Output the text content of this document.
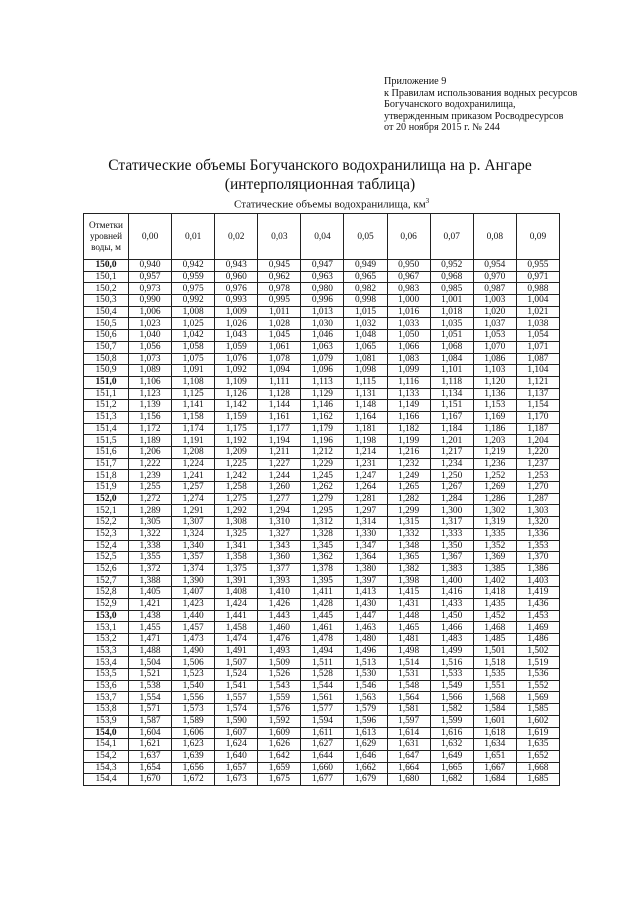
Приложение 9
к Правилам использования водных ресурсов
Богучанского водохранилища,
утвержденным приказом Росводресурсов
от 20 ноября 2015 г. № 244
Статические объемы Богучанского водохранилища на р. Ангаре
(интерполяционная таблица)
Статические объемы водохранилища, $км^3$
Отметки уровней воды, м	0,00	0,01	0,02	0,03	0,04	0,05	0,06	0,07	0,08	0,09
150,0	0,940	0,942	0,943	0,945	0,947	0,949	0,950	0,952	0,954	0,955
150,1	0,957	0,959	0,960	0,962	0,963	0,965	0,967	0,968	0,970	0,971
150,2	0,973	0,975	0,976	0,978	0,980	0,982	0,983	0,985	0,987	0,988
150,3	0,990	0,992	0,993	0,995	0,996	0,998	1,000	1,001	1,003	1,004
150,4	1,006	1,008	1,009	1,011	1,013	1,015	1,016	1,018	1,020	1,021
150,5	1,023	1,025	1,026	1,028	1,030	1,032	1,033	1,035	1,037	1,038
150,6	1,040	1,042	1,043	1,045	1,046	1,048	1,050	1,051	1,053	1,054
150,7	1,056	1,058	1,059	1,061	1,063	1,065	1,066	1,068	1,070	1,071
150,8	1,073	1,075	1,076	1,078	1,079	1,081	1,083	1,084	1,086	1,087
150,9	1,089	1,091	1,092	1,094	1,096	1,098	1,099	1,101	1,103	1,104
151,0	1,106	1,108	1,109	1,111	1,113	1,115	1,116	1,118	1,120	1,121
151,1	1,123	1,125	1,126	1,128	1,129	1,131	1,133	1,134	1,136	1,137
151,2	1,139	1,141	1,142	1,144	1,146	1,148	1,149	1,151	1,153	1,154
151,3	1,156	1,158	1,159	1,161	1,162	1,164	1,166	1,167	1,169	1,170
151,4	1,172	1,174	1,175	1,177	1,179	1,181	1,182	1,184	1,186	1,187
151,5	1,189	1,191	1,192	1,194	1,196	1,198	1,199	1,201	1,203	1,204
151,6	1,206	1,208	1,209	1,211	1,212	1,214	1,216	1,217	1,219	1,220
151,7	1,222	1,224	1,225	1,227	1,229	1,231	1,232	1,234	1,236	1,237
151,8	1,239	1,241	1,242	1,244	1,245	1,247	1,249	1,250	1,252	1,253
151,9	1,255	1,257	1,258	1,260	1,262	1,264	1,265	1,267	1,269	1,270
152,0	1,272	1,274	1,275	1,277	1,279	1,281	1,282	1,284	1,286	1,287
152,1	1,289	1,291	1,292	1,294	1,295	1,297	1,299	1,300	1,302	1,303
152,2	1,305	1,307	1,308	1,310	1,312	1,314	1,315	1,317	1,319	1,320
152,3	1,322	1,324	1,325	1,327	1,328	1,330	1,332	1,333	1,335	1,336
152,4	1,338	1,340	1,341	1,343	1,345	1,347	1,348	1,350	1,352	1,353
152,5	1,355	1,357	1,358	1,360	1,362	1,364	1,365	1,367	1,369	1,370
152,6	1,372	1,374	1,375	1,377	1,378	1,380	1,382	1,383	1,385	1,386
152,7	1,388	1,390	1,391	1,393	1,395	1,397	1,398	1,400	1,402	1,403
152,8	1,405	1,407	1,408	1,410	1,411	1,413	1,415	1,416	1,418	1,419
152,9	1,421	1,423	1,424	1,426	1,428	1,430	1,431	1,433	1,435	1,436
153,0	1,438	1,440	1,441	1,443	1,445	1,447	1,448	1,450	1,452	1,453
153,1	1,455	1,457	1,458	1,460	1,461	1,463	1,465	1,466	1,468	1,469
153,2	1,471	1,473	1,474	1,476	1,478	1,480	1,481	1,483	1,485	1,486
153,3	1,488	1,490	1,491	1,493	1,494	1,496	1,498	1,499	1,501	1,502
153,4	1,504	1,506	1,507	1,509	1,511	1,513	1,514	1,516	1,518	1,519
153,5	1,521	1,523	1,524	1,526	1,528	1,530	1,531	1,533	1,535	1,536
153,6	1,538	1,540	1,541	1,543	1,544	1,546	1,548	1,549	1,551	1,552
153,7	1,554	1,556	1,557	1,559	1,561	1,563	1,564	1,566	1,568	1,569
153,8	1,571	1,573	1,574	1,576	1,577	1,579	1,581	1,582	1,584	1,585
153,9	1,587	1,589	1,590	1,592	1,594	1,596	1,597	1,599	1,601	1,602
154,0	1,604	1,606	1,607	1,609	1,611	1,613	1,614	1,616	1,618	1,619
154,1	1,621	1,623	1,624	1,626	1,627	1,629	1,631	1,632	1,634	1,635
154,2	1,637	1,639	1,640	1,642	1,644	1,646	1,647	1,649	1,651	1,652
154,3	1,654	1,656	1,657	1,659	1,660	1,662	1,664	1,665	1,667	1,668
154,4	1,670	1,672	1,673	1,675	1,677	1,679	1,680	1,682	1,684	1,685
